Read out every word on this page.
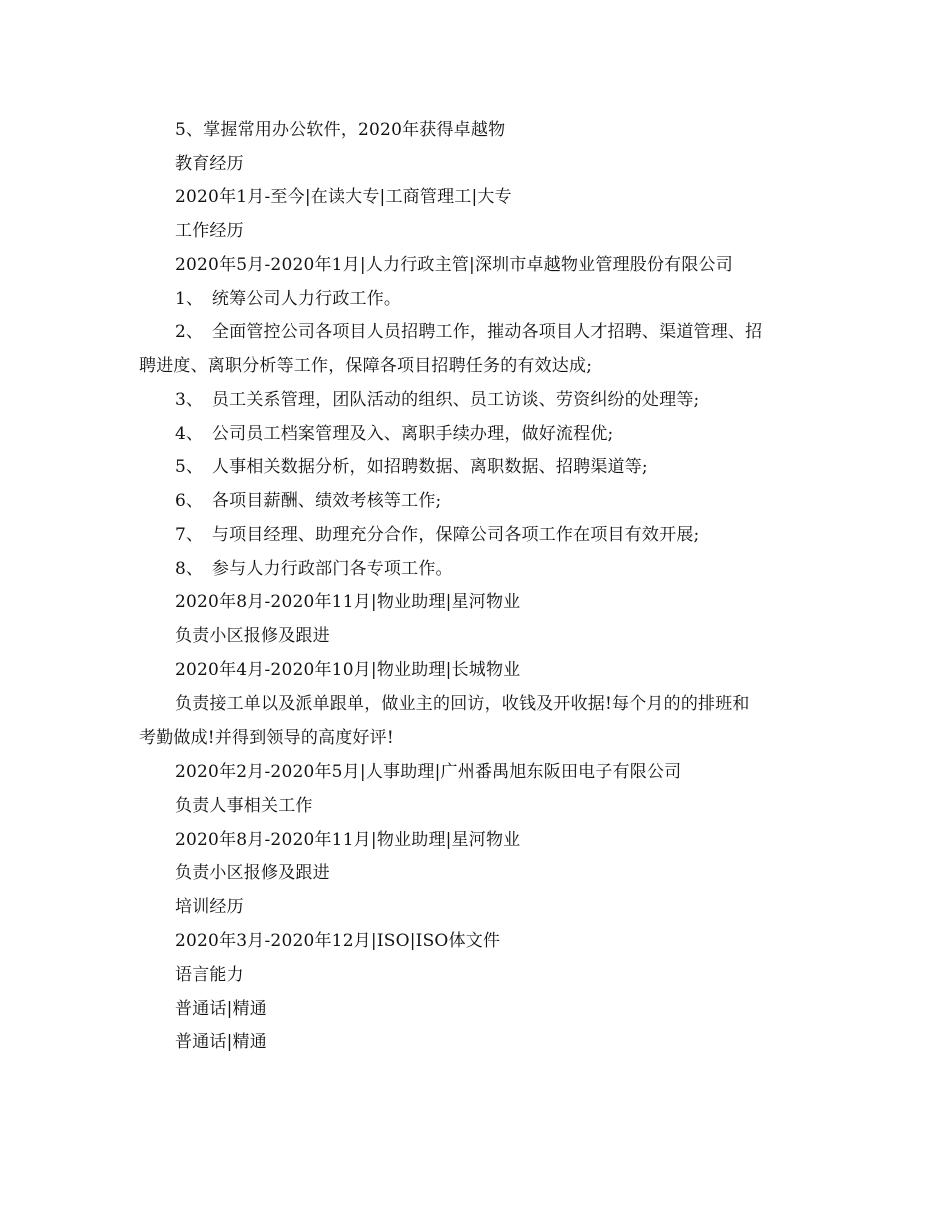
5、掌握常用办公软件，2020年获得卓越物
教育经历
2020年1月-至今|在读大专|工商管理工|大专
工作经历
2020年5月-2020年1月|人力行政主管|深圳市卓越物业管理股份有限公司
1、　统筹公司人力行政工作。
2、　全面管控公司各项目人员招聘工作，摧动各项目人才招聘、渠道管理、招
聘进度、离职分析等工作，保障各项目招聘任务的有效达成;
3、　员工关系管理，团队活动的组织、员工访谈、劳资纠纷的处理等;
4、　公司员工档案管理及入、离职手续办理，做好流程优;
5、　人事相关数据分析，如招聘数据、离职数据、招聘渠道等;
6、　各项目薪酬、绩效考核等工作;
7、　与项目经理、助理充分合作，保障公司各项工作在项目有效开展;
8、　参与人力行政部门各专项工作。
2020年8月-2020年11月|物业助理|星河物业
负责小区报修及跟进
2020年4月-2020年10月|物业助理|长城物业
负责接工单以及派单跟单，做业主的回访，收钱及开收据!每个月的的排班和
考勤做成!并得到领导的高度好评!
2020年2月-2020年5月|人事助理|广州番禺旭东阪田电子有限公司
负责人事相关工作
2020年8月-2020年11月|物业助理|星河物业
负责小区报修及跟进
培训经历
2020年3月-2020年12月|ISO|ISO体文件
语言能力
普通话|精通
普通话|精通
